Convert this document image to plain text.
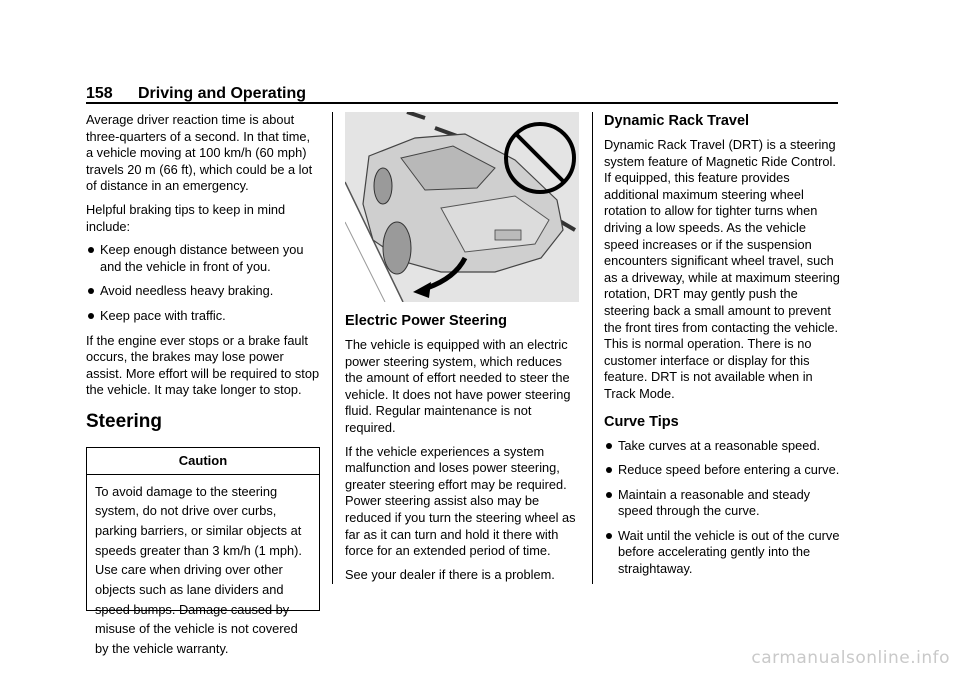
158 Driving and Operating

Average driver reaction time is about three-quarters of a second. In that time, a vehicle moving at 100 km/h (60 mph) travels 20 m (66 ft), which could be a lot of distance in an emergency.

Helpful braking tips to keep in mind include:

Keep enough distance between you and the vehicle in front of you.
Avoid needless heavy braking.
Keep pace with traffic.

If the engine ever stops or a brake fault occurs, the brakes may lose power assist. More effort will be required to stop the vehicle. It may take longer to stop.

Steering
Caution
To avoid damage to the steering system, do not drive over curbs, parking barriers, or similar objects at speeds greater than 3 km/h (1 mph). Use care when driving over other objects such as lane dividers and speed bumps. Damage caused by misuse of the vehicle is not covered by the vehicle warranty.
Electric Power Steering

The vehicle is equipped with an electric power steering system, which reduces the amount of effort needed to steer the vehicle. It does not have power steering fluid. Regular maintenance is not required.

If the vehicle experiences a system malfunction and loses power steering, greater steering effort may be required. Power steering assist also may be reduced if you turn the steering wheel as far as it can turn and hold it there with force for an extended period of time.

See your dealer if there is a problem.

Dynamic Rack Travel

Dynamic Rack Travel (DRT) is a steering system feature of Magnetic Ride Control. If equipped, this feature provides additional maximum steering wheel rotation to allow for tighter turns when driving a low speeds. As the vehicle speed increases or if the suspension encounters significant wheel travel, such as a driveway, while at maximum steering rotation, DRT may gently push the steering back a small amount to prevent the front tires from contacting the vehicle. This is normal operation. There is no customer interface or display for this feature. DRT is not available when in Track Mode.

Curve Tips
Take curves at a reasonable speed.
Reduce speed before entering a curve.
Maintain a reasonable and steady speed through the curve.
Wait until the vehicle is out of the curve before accelerating gently into the straightaway.
carmanualsonline.info
